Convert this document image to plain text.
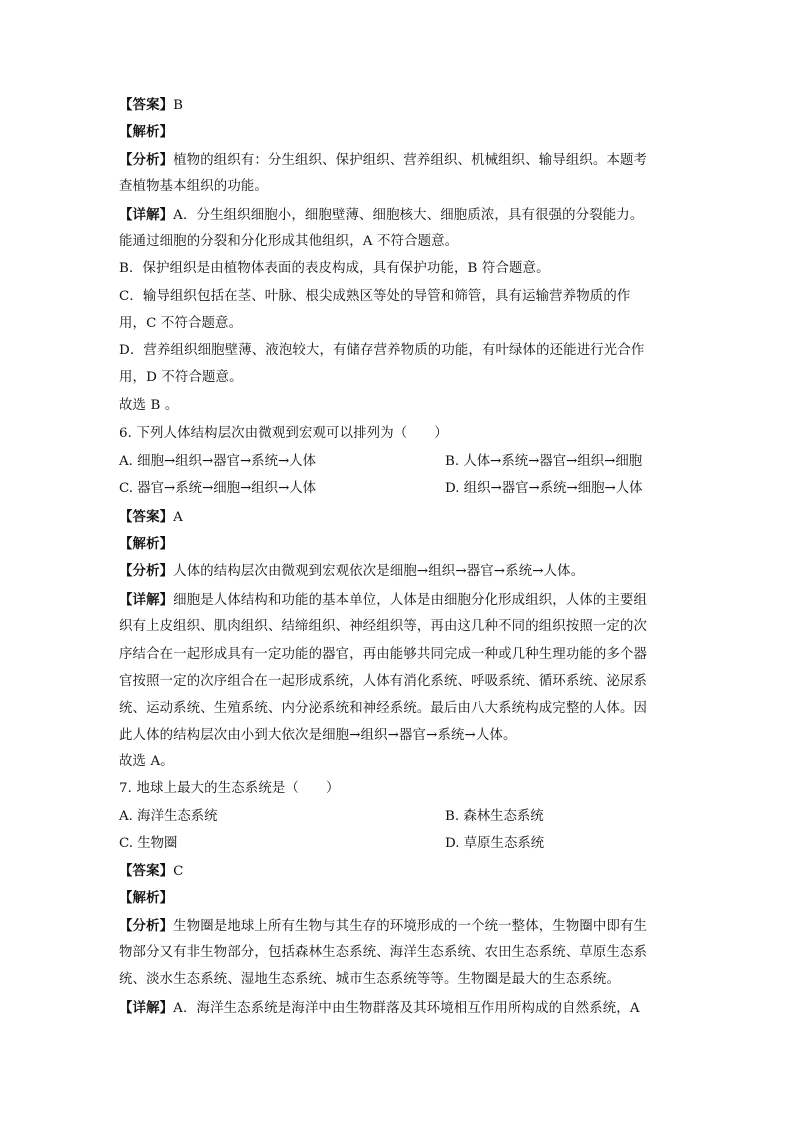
【答案】B
【解析】
【分析】植物的组织有：分生组织、保护组织、营养组织、机械组织、输导组织。本题考
查植物基本组织的功能。
【详解】A．分生组织细胞小，细胞壁薄、细胞核大、细胞质浓，具有很强的分裂能力。
能通过细胞的分裂和分化形成其他组织，A 不符合题意。
B．保护组织是由植物体表面的表皮构成，具有保护功能，B 符合题意。
C．输导组织包括在茎、叶脉、根尖成熟区等处的导管和筛管，具有运输营养物质的作
用，C 不符合题意。
D．营养组织细胞壁薄、液泡较大，有储存营养物质的功能，有叶绿体的还能进行光合作
用，D 不符合题意。
故选 B 。
6. 下列人体结构层次由微观到宏观可以排列为（　　）
A. 细胞→组织→器官→系统→人体	B. 人体→系统→器官→组织→细胞
C. 器官→系统→细胞→组织→人体	D. 组织→器官→系统→细胞→人体
【答案】A
【解析】
【分析】人体的结构层次由微观到宏观依次是细胞→组织→器官→系统→人体。
【详解】细胞是人体结构和功能的基本单位，人体是由细胞分化形成组织，人体的主要组
织有上皮组织、肌肉组织、结缔组织、神经组织等，再由这几种不同的组织按照一定的次
序结合在一起形成具有一定功能的器官，再由能够共同完成一种或几种生理功能的多个器
官按照一定的次序组合在一起形成系统，人体有消化系统、呼吸系统、循环系统、泌尿系
统、运动系统、生殖系统、内分泌系统和神经系统。最后由八大系统构成完整的人体。因
此人体的结构层次由小到大依次是细胞→组织→器官→系统→人体。
故选 A。
7. 地球上最大的生态系统是（　　）
A. 海洋生态系统	B. 森林生态系统
C. 生物圈	D. 草原生态系统
【答案】C
【解析】
【分析】生物圈是地球上所有生物与其生存的环境形成的一个统一整体，生物圈中即有生
物部分又有非生物部分，包括森林生态系统、海洋生态系统、农田生态系统、草原生态系
统、淡水生态系统、湿地生态系统、城市生态系统等等。生物圈是最大的生态系统。
【详解】A．海洋生态系统是海洋中由生物群落及其环境相互作用所构成的自然系统，A
